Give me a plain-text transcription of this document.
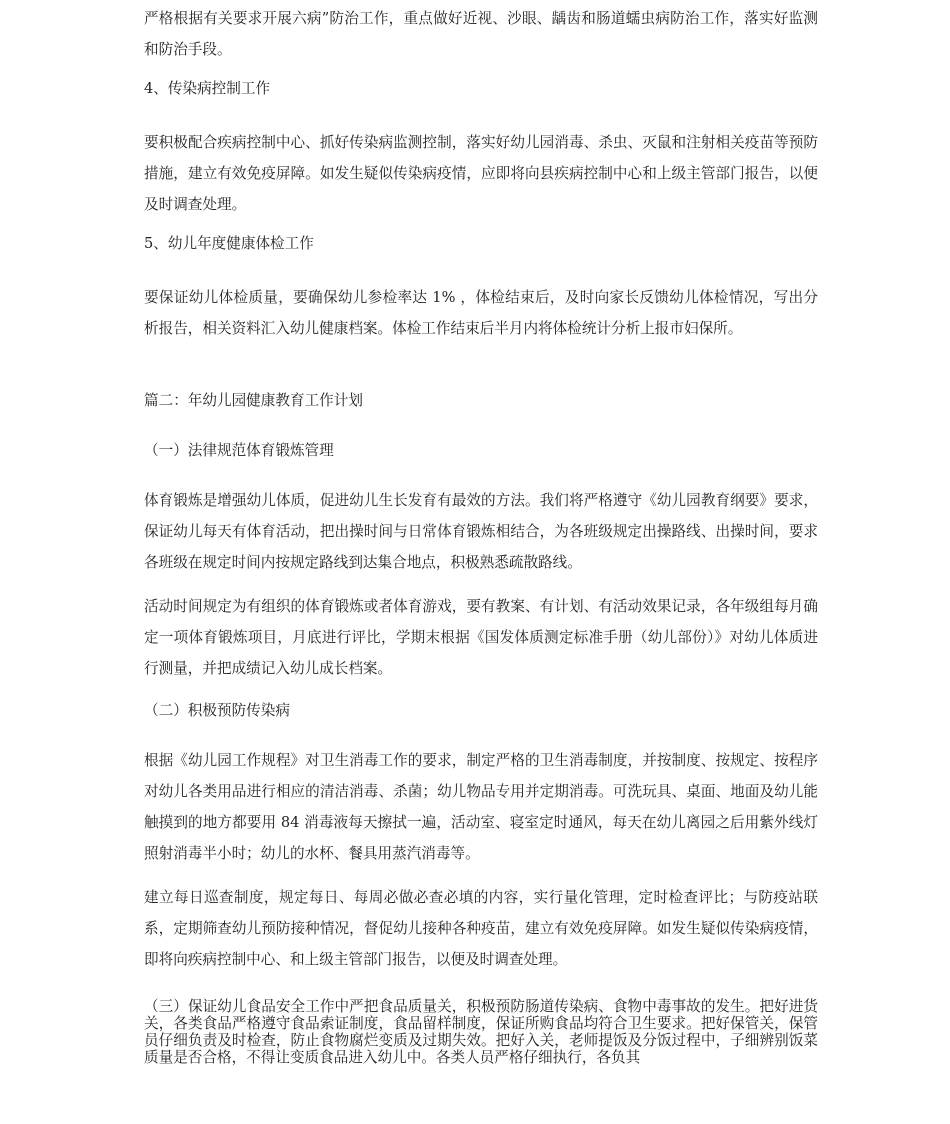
严格根据有关要求开展六病”防治工作，重点做好近视、沙眼、龋齿和肠道蠕虫病防治工作，落实好监测和防治手段。

4、传染病控制工作

要积极配合疾病控制中心、抓好传染病监测控制，落实好幼儿园消毒、杀虫、灭鼠和注射相关疫苗等预防措施，建立有效免疫屏障。如发生疑似传染病疫情，应即将向县疾病控制中心和上级主管部门报告，以便及时调查处理。

5、幼儿年度健康体检工作

要保证幼儿体检质量，要确保幼儿参检率达 1% ，体检结束后，及时向家长反馈幼儿体检情况，写出分析报告，相关资料汇入幼儿健康档案。体检工作结束后半月内将体检统计分析上报市妇保所。

篇二：年幼儿园健康教育工作计划

（一）法律规范体育锻炼管理

体育锻炼是增强幼儿体质，促进幼儿生长发育有最效的方法。我们将严格遵守《幼儿园教育纲要》要求，保证幼儿每天有体育活动，把出操时间与日常体育锻炼相结合，为各班级规定出操路线、出操时间，要求各班级在规定时间内按规定路线到达集合地点，积极熟悉疏散路线。

活动时间规定为有组织的体育锻炼或者体育游戏，要有教案、有计划、有活动效果记录，各年级组每月确定一项体育锻炼项目，月底进行评比，学期末根据《国发体质测定标准手册（幼儿部份）》对幼儿体质进行测量，并把成绩记入幼儿成长档案。

（二）积极预防传染病

根据《幼儿园工作规程》对卫生消毒工作的要求，制定严格的卫生消毒制度，并按制度、按规定、按程序对幼儿各类用品进行相应的清洁消毒、杀菌；幼儿物品专用并定期消毒。可洗玩具、桌面、地面及幼儿能触摸到的地方都要用 84 消毒液每天擦拭一遍，活动室、寝室定时通风，每天在幼儿离园之后用紫外线灯照射消毒半小时；幼儿的水杯、餐具用蒸汽消毒等。

建立每日巡查制度，规定每日、每周必做必查必填的内容，实行量化管理，定时检查评比；与防疫站联系，定期筛查幼儿预防接种情况，督促幼儿接种各种疫苗，建立有效免疫屏障。如发生疑似传染病疫情，即将向疾病控制中心、和上级主管部门报告，以便及时调查处理。

（三）保证幼儿食品安全工作中严把食品质量关，积极预防肠道传染病、食物中毒事故的发生。把好进货关，各类食品严格遵守食品索证制度，食品留样制度，保证所购食品均符合卫生要求。把好保管关，保管员仔细负责及时检查，防止食物腐烂变质及过期失效。把好入关，老师提饭及分饭过程中，子细辨别饭菜质量是否合格，不得让变质食品进入幼儿中。各类人员严格仔细执行，各负其
